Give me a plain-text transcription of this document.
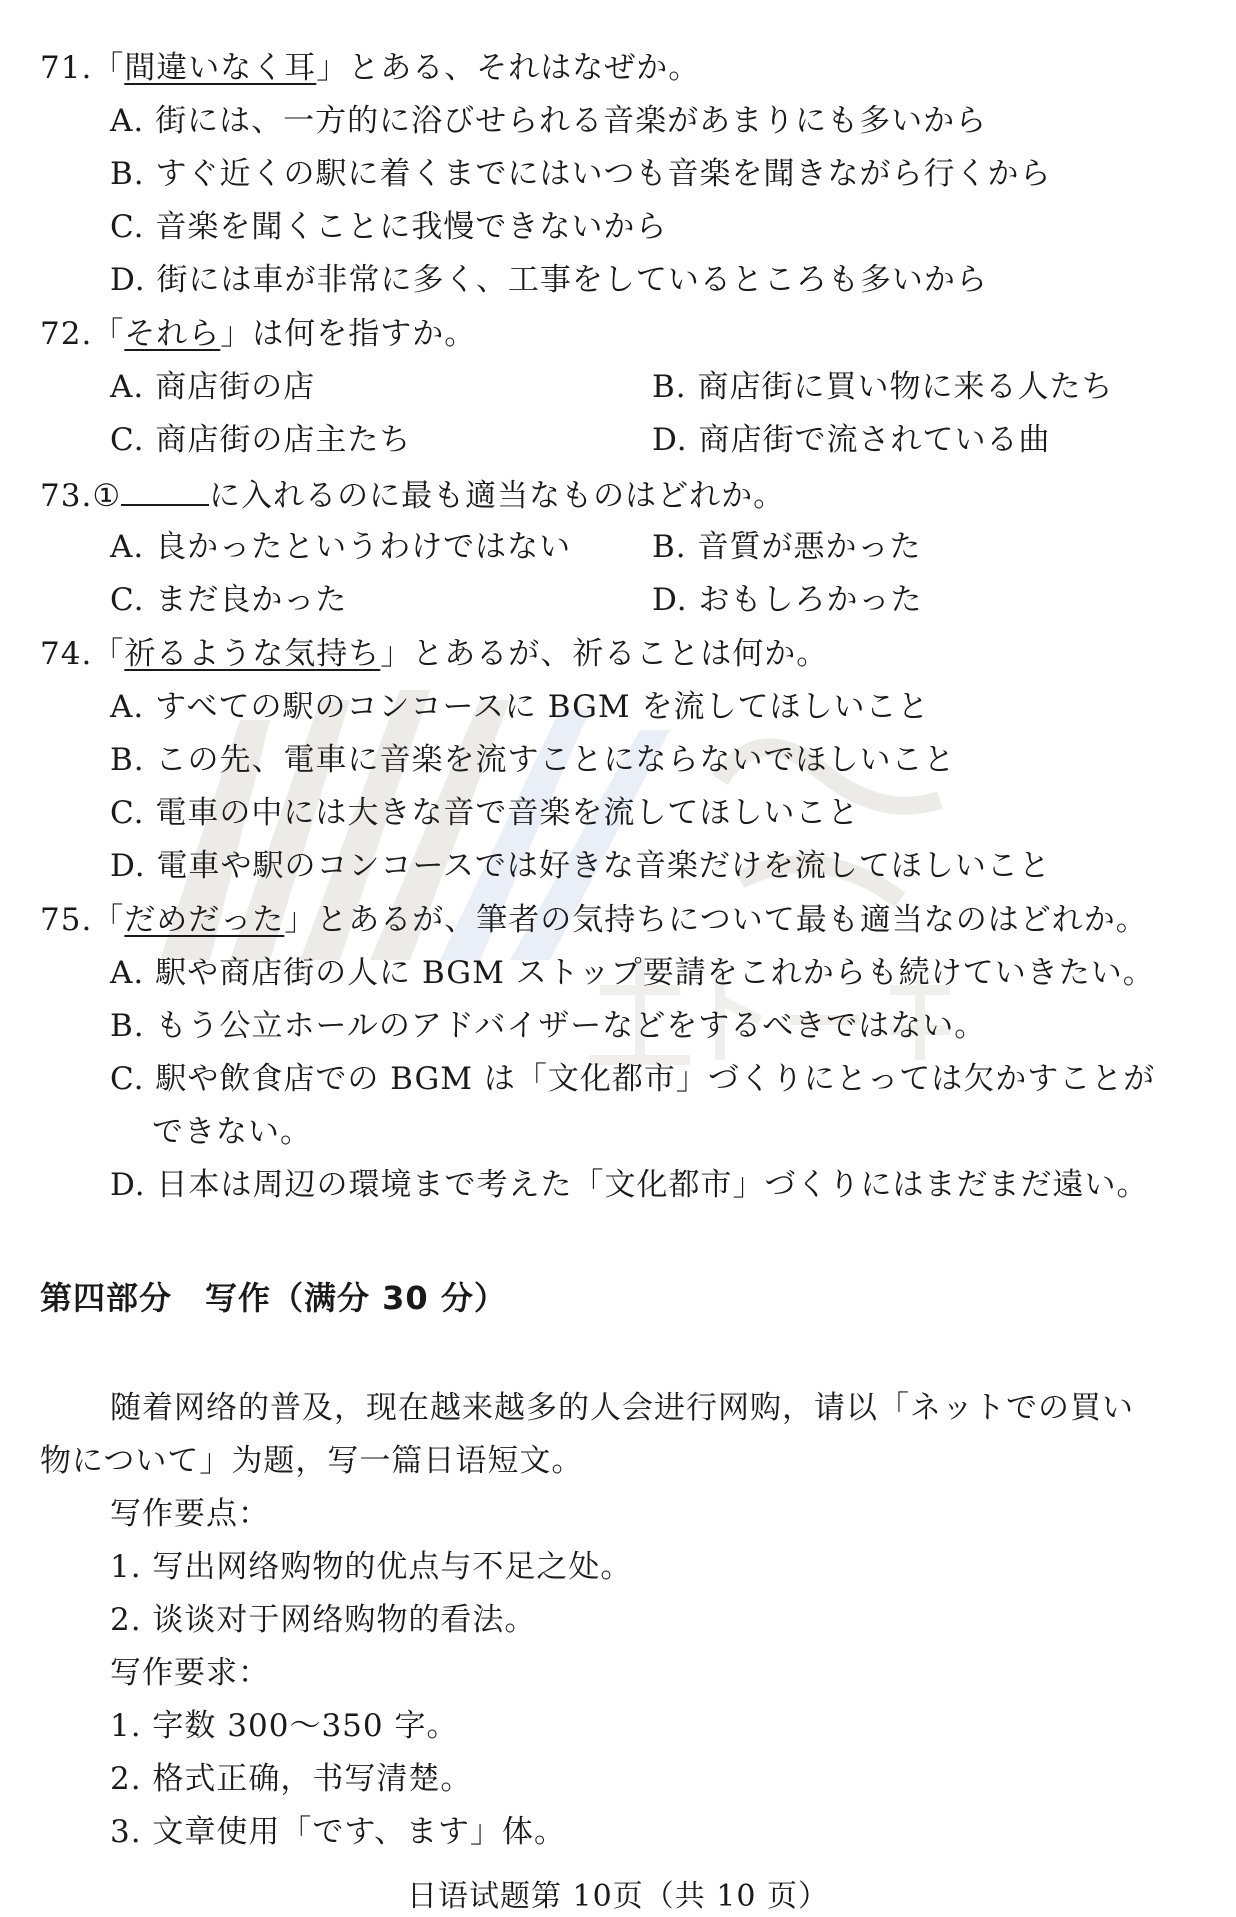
71.「間違いなく耳」とある、それはなぜか。
A. 街には、一方的に浴びせられる音楽があまりにも多いから
B. すぐ近くの駅に着くまでにはいつも音楽を聞きながら行くから
C. 音楽を聞くことに我慢できないから
D. 街には車が非常に多く、工事をしているところも多いから
72.「それら」は何を指すか。
A. 商店街の店	B. 商店街に買い物に来る人たち
C. 商店街の店主たち	D. 商店街で流されている曲
73.①	に入れるのに最も適当なものはどれか。
A. 良かったというわけではない	B. 音質が悪かった
C. まだ良かった	D. おもしろかった
74.「祈るような気持ち」とあるが、祈ることは何か。
A. すべての駅のコンコースに BGM を流してほしいこと
B. この先、電車に音楽を流すことにならないでほしいこと
C. 電車の中には大きな音で音楽を流してほしいこと
D. 電車や駅のコンコースでは好きな音楽だけを流してほしいこと
75.「だめだった」とあるが、筆者の気持ちについて最も適当なのはどれか。
A. 駅や商店街の人に BGM ストップ要請をこれからも続けていきたい。
B. もう公立ホールのアドバイザーなどをするべきではない。
C. 駅や飲食店での BGM は「文化都市」づくりにとっては欠かすことが
できない。
D. 日本は周辺の環境まで考えた「文化都市」づくりにはまだまだ遠い。
第四部分　写作（满分 30 分）
随着网络的普及，现在越来越多的人会进行网购，请以「ネットでの買い
物について」为题，写一篇日语短文。
写作要点：
1. 写出网络购物的优点与不足之处。
2. 谈谈对于网络购物的看法。
写作要求：
1. 字数 300～350 字。
2. 格式正确，书写清楚。
3. 文章使用「です、ます」体。
日语试题第 10页（共 10 页）
